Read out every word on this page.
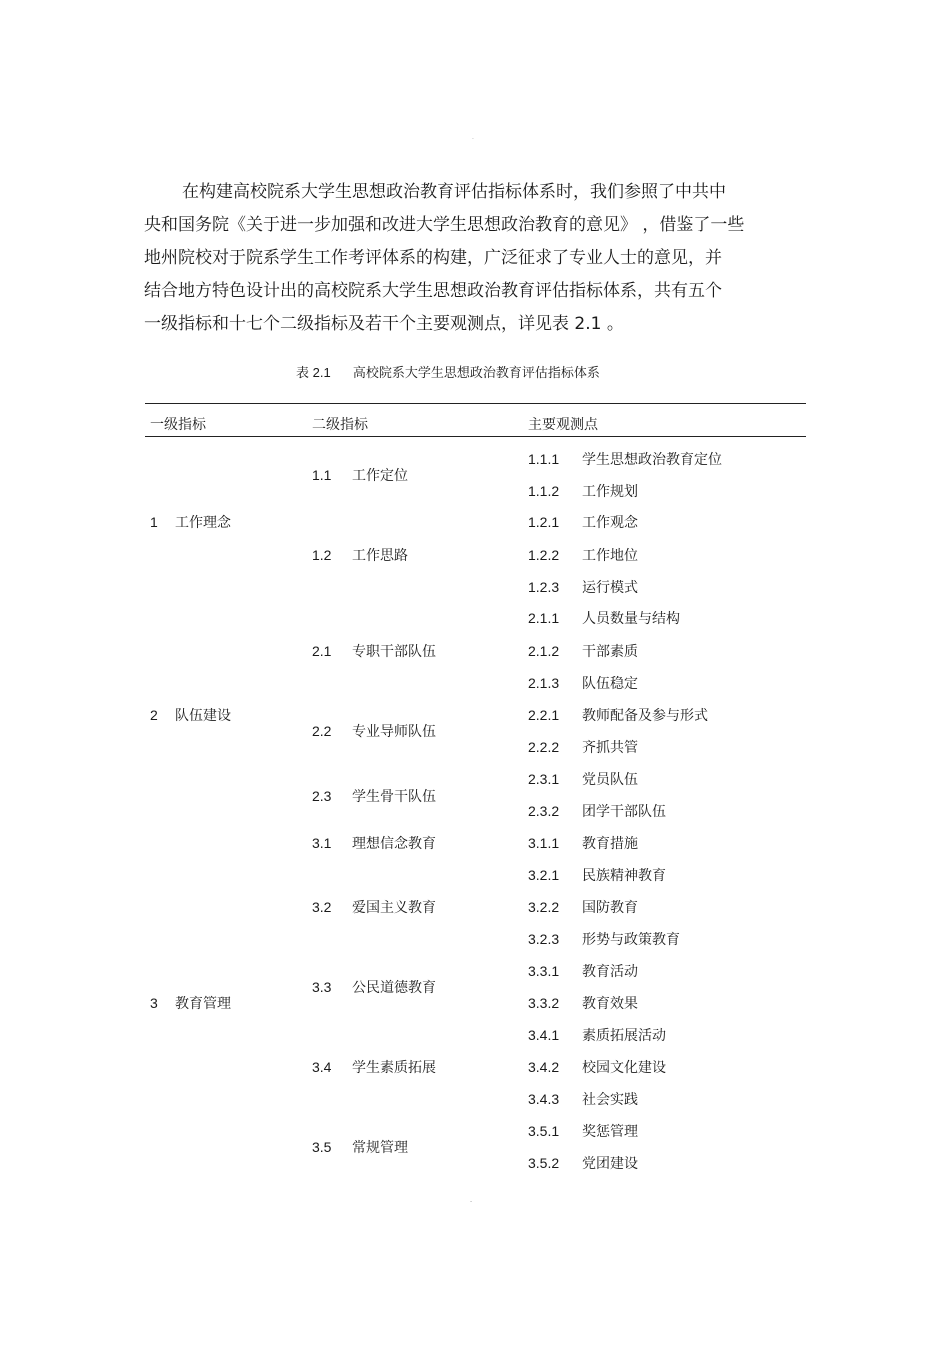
·
在构建高校院系大学生思想政治教育评估指标体系时，我们参照了中共中
央和国务院《关于进一步加强和改进大学生思想政治教育的意见》 ，借鉴了一些
地州院校对于院系学生工作考评体系的构建，广泛征求了专业人士的意见，并
结合地方特色设计出的高校院系大学生思想政治教育评估指标体系，共有五个
一级指标和十七个二级指标及若干个主要观测点，详见表 2.1 。
表 2.1 高校院系大学生思想政治教育评估指标体系
一级指标	二级指标	主要观测点
1 工作理念
2 队伍建设
3 教育管理
1.1 工作定位
1.2 工作思路
2.1 专职干部队伍
2.2 专业导师队伍
2.3 学生骨干队伍
3.1 理想信念教育
3.2 爱国主义教育
3.3 公民道德教育
3.4 学生素质拓展
3.5 常规管理
1.1.1 学生思想政治教育定位
1.1.2 工作规划
1.2.1 工作观念
1.2.2 工作地位
1.2.3 运行模式
2.1.1 人员数量与结构
2.1.2 干部素质
2.1.3 队伍稳定
2.2.1 教师配备及参与形式
2.2.2 齐抓共管
2.3.1 党员队伍
2.3.2 团学干部队伍
3.1.1 教育措施
3.2.1 民族精神教育
3.2.2 国防教育
3.2.3 形势与政策教育
3.3.1 教育活动
3.3.2 教育效果
3.4.1 素质拓展活动
3.4.2 校园文化建设
3.4.3 社会实践
3.5.1 奖惩管理
3.5.2 党团建设
-
